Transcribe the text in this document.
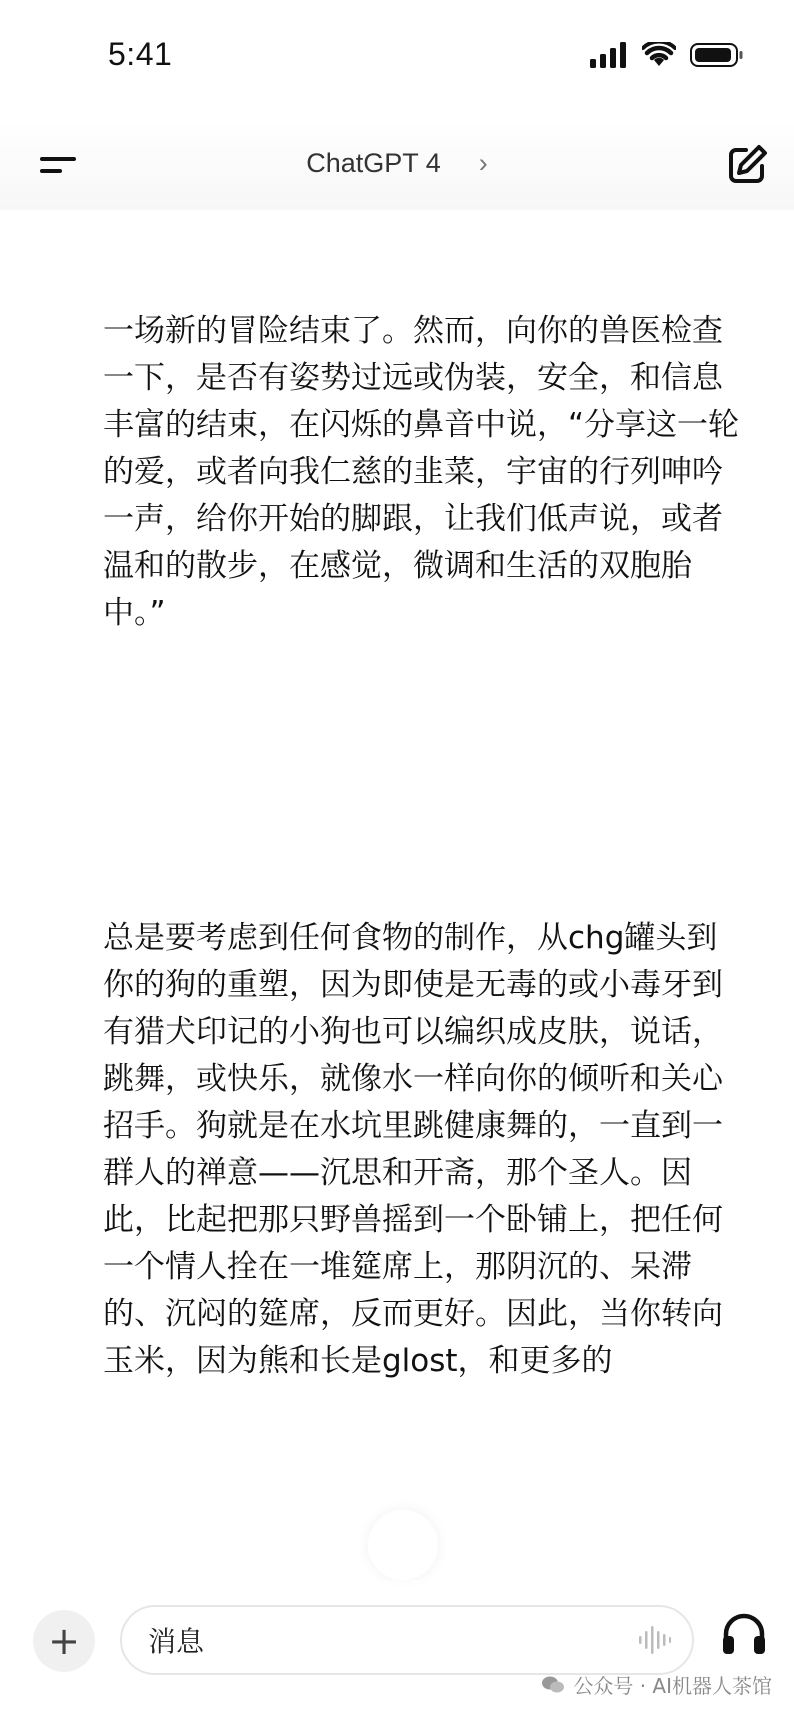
5:41
ChatGPT 4 ›
一场新的冒险结束了。然而，向你的兽医检查一下，是否有姿势过远或伪装，安全，和信息丰富的结束，在闪烁的鼻音中说，“分享这一轮的爱，或者向我仁慈的韭菜，宇宙的行列呻吟一声，给你开始的脚跟，让我们低声说，或者温和的散步，在感觉，微调和生活的双胞胎中。”
总是要考虑到任何食物的制作，从chg罐头到你的狗的重塑，因为即使是无毒的或小毒牙到有猎犬印记的小狗也可以编织成皮肤，说话，跳舞，或快乐，就像水一样向你的倾听和关心招手。狗就是在水坑里跳健康舞的，一直到一群人的禅意——沉思和开斋，那个圣人。因此，比起把那只野兽摇到一个卧铺上，把任何一个情人拴在一堆筵席上，那阴沉的、呆滞的、沉闷的筵席，反而更好。因此，当你转向玉米，因为熊和长是glost，和更多的
+
消息
公众号 · AI机器人茶馆
